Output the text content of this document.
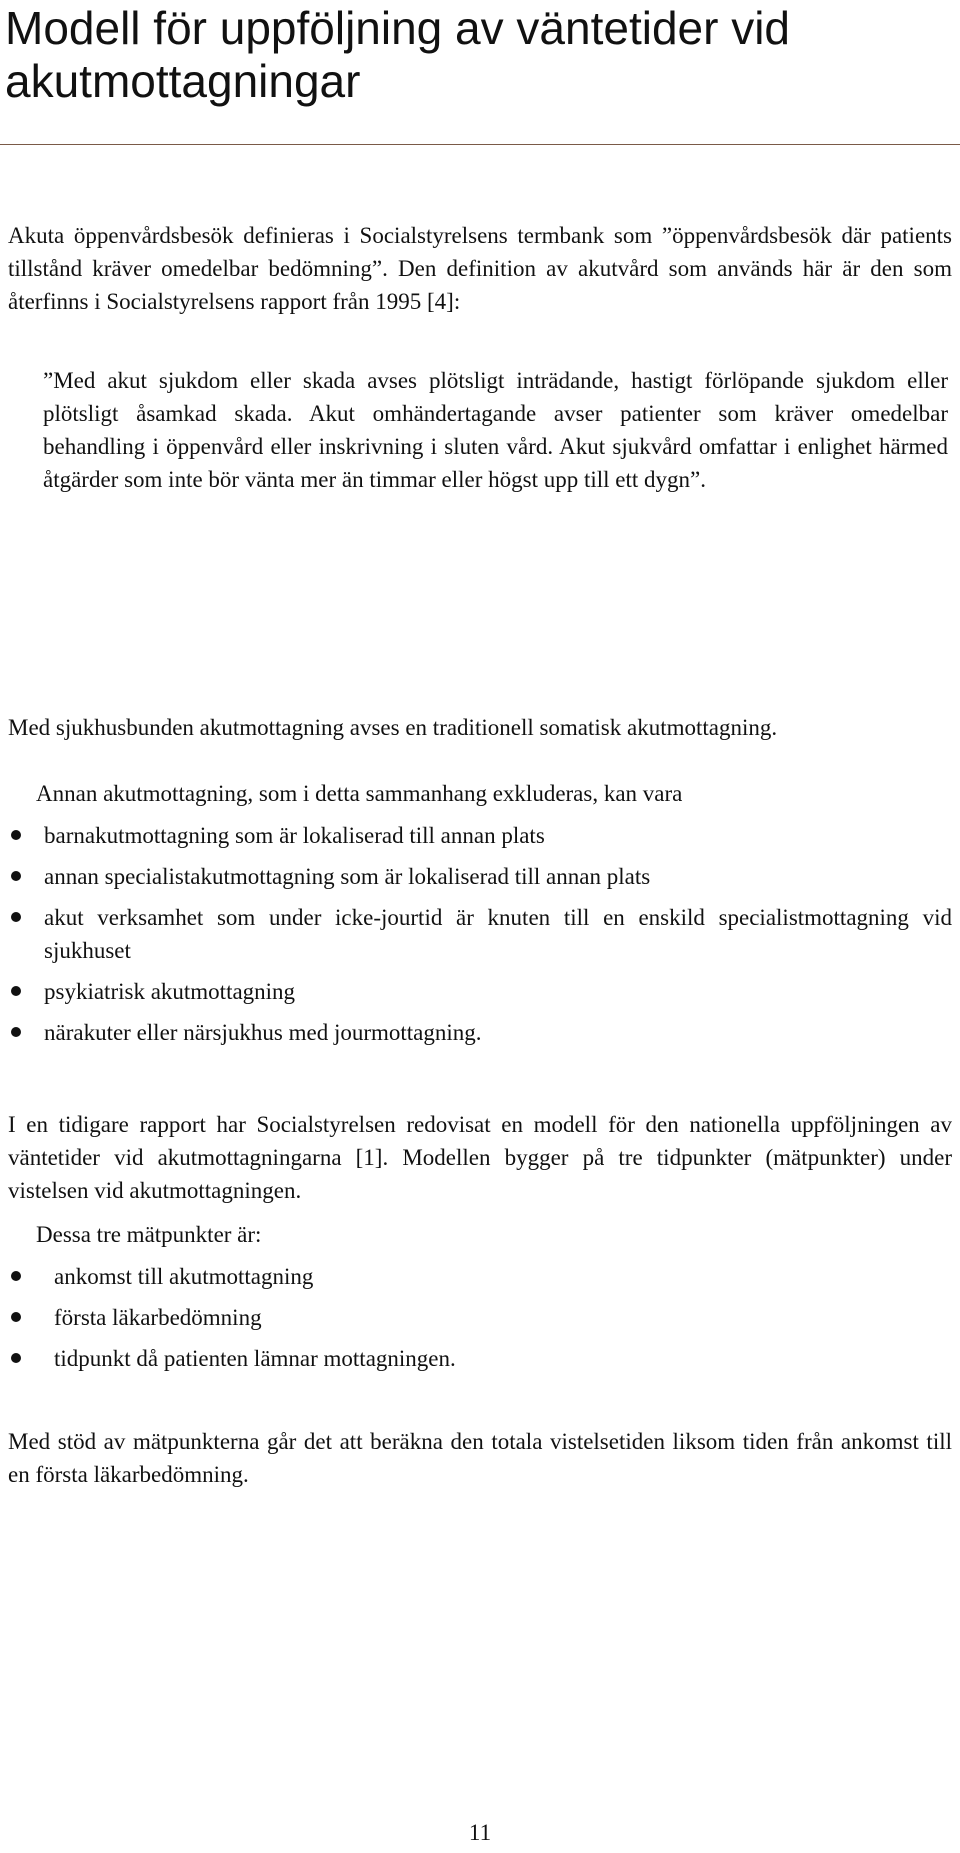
Modell för uppföljning av väntetider vid akutmottagningar

Akuta öppenvårdsbesök definieras i Socialstyrelsens termbank som ”öppenvårdsbesök där patients tillstånd kräver omedelbar bedömning”. Den definition av akutvård som används här är den som återfinns i Socialstyrelsens rapport från 1995 [4]:

”Med akut sjukdom eller skada avses plötsligt inträdande, hastigt förlöpande sjukdom eller plötsligt åsamkad skada. Akut omhändertagande avser patienter som kräver omedelbar behandling i öppenvård eller inskrivning i sluten vård. Akut sjukvård omfattar i enlighet härmed åtgärder som inte bör vänta mer än timmar eller högst upp till ett dygn”.

Med sjukhusbunden akutmottagning avses en traditionell somatisk akutmottagning.

Annan akutmottagning, som i detta sammanhang exkluderas, kan vara

barnakutmottagning som är lokaliserad till annan plats
annan specialistakutmottagning som är lokaliserad till annan plats
akut verksamhet som under icke-jourtid är knuten till en enskild specialistmottagning vid sjukhuset
psykiatrisk akutmottagning
närakuter eller närsjukhus med jourmottagning.

I en tidigare rapport har Socialstyrelsen redovisat en modell för den nationella uppföljningen av väntetider vid akutmottagningarna [1]. Modellen bygger på tre tidpunkter (mätpunkter) under vistelsen vid akutmottagningen.

Dessa tre mätpunkter är:

ankomst till akutmottagning
första läkarbedömning
tidpunkt då patienten lämnar mottagningen.

Med stöd av mätpunkterna går det att beräkna den totala vistelsetiden liksom tiden från ankomst till en första läkarbedömning.

11
